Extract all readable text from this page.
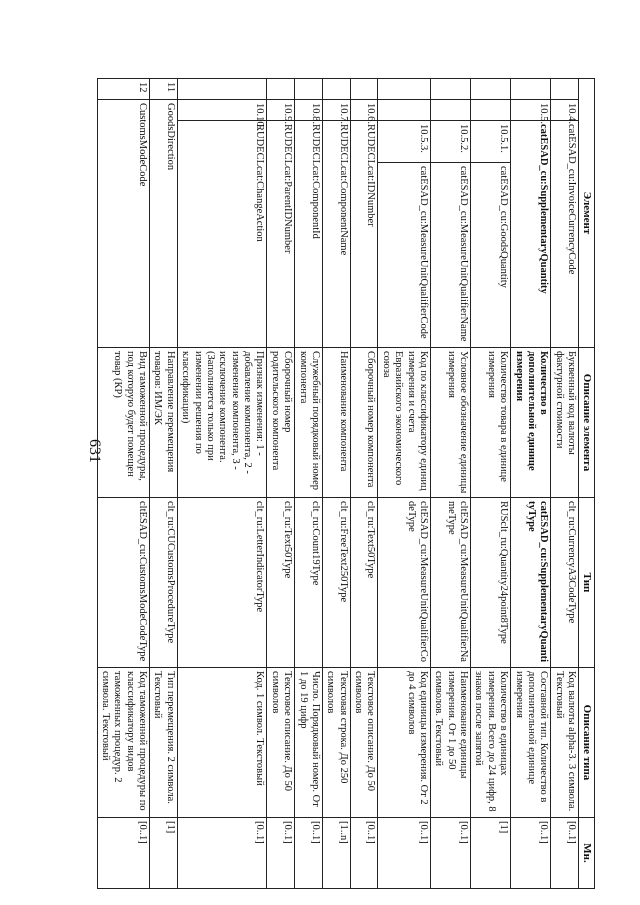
631
Элемент				Описание элемента	Тип	Описание типа	Мн.
	10.4.	catESAD_cu:InvoiceCurrencyCode		Буквенный код валюты фактурной стоимости	clt_ru:CurrencyA3CodeType	Код валюты alpha-3. 3 символа. Текстовый	[0..1]
	10.5.	catESAD_cu:SupplementaryQuantity		Количество в дополнительной единице измерения	catESAD_cu:SupplementaryQuantityType	Составной тип. Количество в дополнительной единице измерения	[0..1]
		10.5.1.	catESAD_cu:GoodsQuantity	Количество товара в единице измерения	RUSclt_ru:Quantity24point8Type	Количество в единицах измерения. Всего до 24 цифр, 8 знаков после запятой	[1]
		10.5.2.	catESAD_cu:MeasureUnitQualifierName	Условное обозначение единицы измерения	cltESAD_cu:MeasureUnitQualifierNameType	Наименование единицы измерения. От 1 до 50 символов. Текстовый	[0..1]
		10.5.3.	catESAD_cu:MeasureUnitQualifierCode	Код по классификатору единиц измерения и счета Евразийского экономического союза	cltESAD_cu:MeasureUnitQualifierCodeType	Код единицы измерения. От 2 до 4 символов	[0..1]
	10.6.	RUDECLcat:IDNumber		Сборочный номер компонента	clt_ru:Text50Type	Текстовое описание. До 50 символов	[0..1]
	10.7.	RUDECLcat:ComponentName		Наименование компонента	clt_ru:FreeText250Type	Текстовая строка. До 250 символов	[1..n]
	10.8.	RUDECLcat:ComponentId		Служебный порядковый номер компонента	clt_ru:Count19Type	Число. Порядковый номер. От 1 до 19 цифр	[0..1]
	10.9.	RUDECLcat:ParentIDNumber		Сборочный номер родительского компонента	clt_ru:Text50Type	Текстовое описание. До 50 символов	[0..1]
	10.10.	RUDECLcat:ChangeAction		Признак изменения: 1 - добавление компонента, 2 - изменение компонента, 3 - исключение компонента. (Заполняется только при изменении решения по классификации)	clt_ru:LetterIndicatorType	Код. 1 символ. Текстовый	[0..1]
11	GoodsDirection			Направление перемещения товаров: ИМ/ЭК	clt_ru:CUCustomsProcedureType	Тип перемещения. 2 символа. Текстовый	[1]
12	CustomsModeCode			Вид таможенной процедуры, под которую будет помещен товар (КР)	cltESAD_cu:CustomsModeCodeType	Код таможенной процедуры по классификатору видов таможенных процедур. 2 символа. Текстовый	[0..1]
